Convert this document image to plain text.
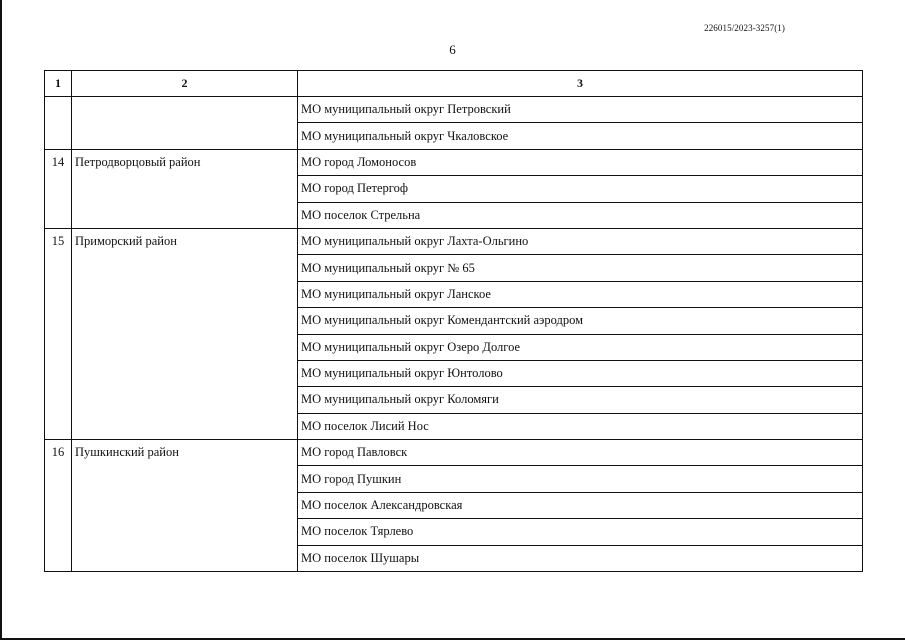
226015/2023-3257(1)
6
1	2	3
		МО муниципальный округ Петровский
		МО муниципальный округ Чкаловское
14	Петродворцовый район	МО город Ломоносов
		МО город Петергоф
		МО поселок Стрельна
15	Приморский район	МО муниципальный округ Лахта-Ольгино
		МО муниципальный округ № 65
		МО муниципальный округ Ланское
		МО муниципальный округ Комендантский аэродром
		МО муниципальный округ Озеро Долгое
		МО муниципальный округ Юнтолово
		МО муниципальный округ Коломяги
		МО поселок Лисий Нос
16	Пушкинский район	МО город Павловск
		МО город Пушкин
		МО поселок Александровская
		МО поселок Тярлево
		МО поселок Шушары
